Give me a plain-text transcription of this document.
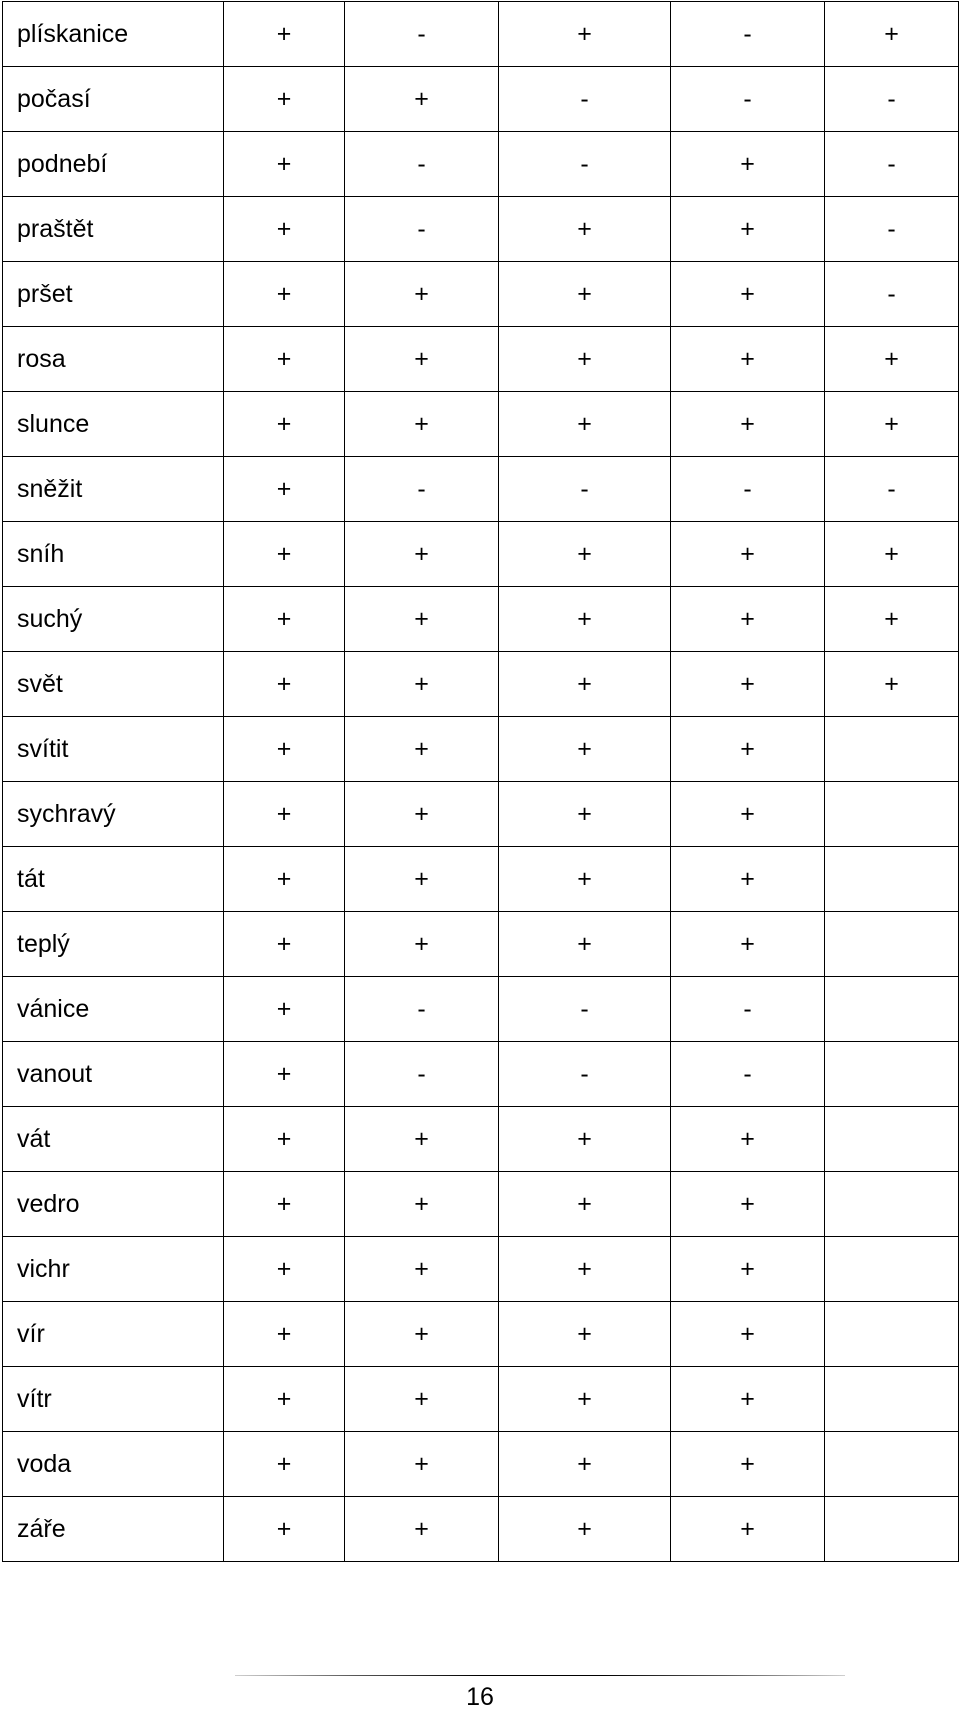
plískanice	+	-	+	-	+
počasí	+	+	-	-	-
podnebí	+	-	-	+	-
praštět	+	-	+	+	-
pršet	+	+	+	+	-
rosa	+	+	+	+	+
slunce	+	+	+	+	+
sněžit	+	-	-	-	-
sníh	+	+	+	+	+
suchý	+	+	+	+	+
svět	+	+	+	+	+
svítit	+	+	+	+	
sychravý	+	+	+	+	
tát	+	+	+	+	
teplý	+	+	+	+	
vánice	+	-	-	-	
vanout	+	-	-	-	
vát	+	+	+	+	
vedro	+	+	+	+	
vichr	+	+	+	+	
vír	+	+	+	+	
vítr	+	+	+	+	
voda	+	+	+	+	
záře	+	+	+	+	
16
